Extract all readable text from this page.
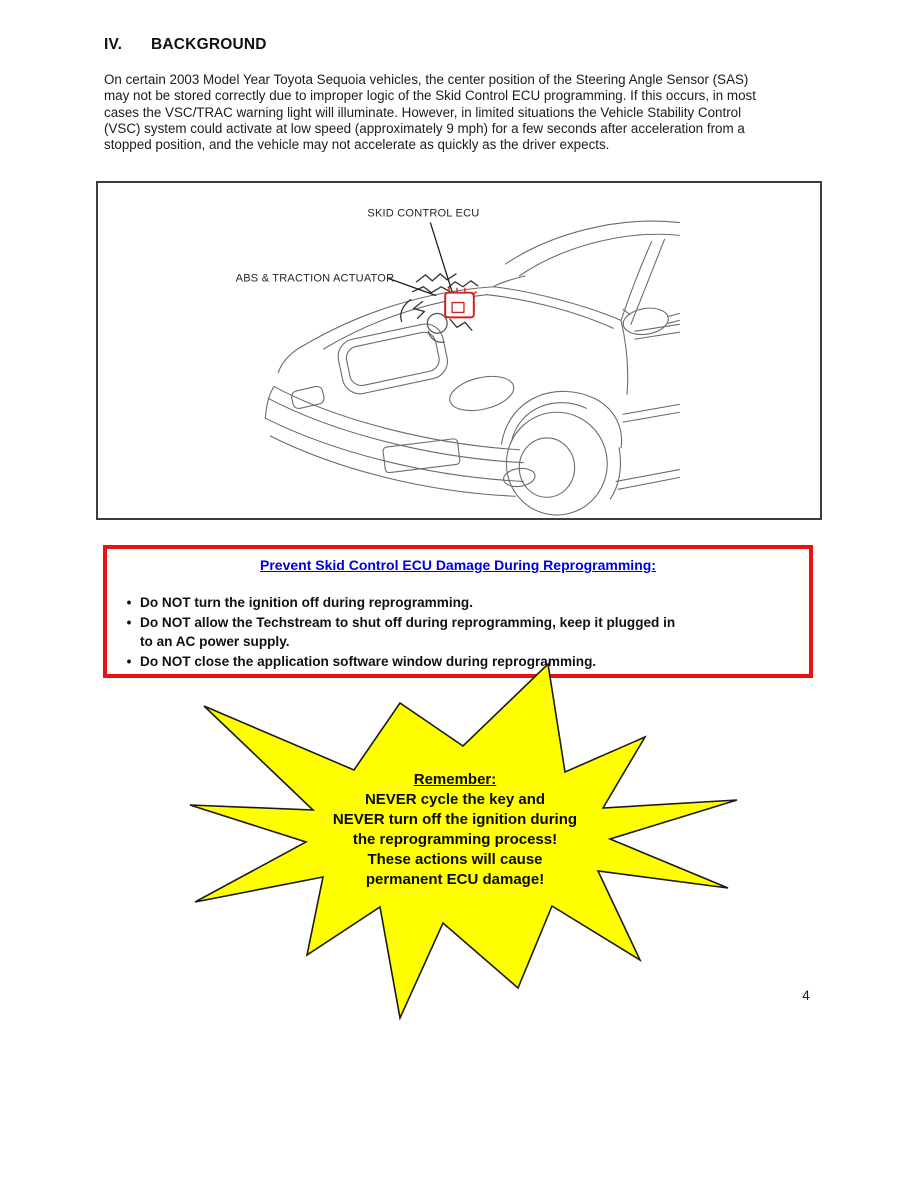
IV.	BACKGROUND
On certain 2003 Model Year Toyota Sequoia vehicles, the center position of the Steering Angle Sensor (SAS)
may not be stored correctly due to improper logic of the Skid Control ECU programming. If this occurs, in most
cases the VSC/TRAC warning light will illuminate. However, in limited situations the Vehicle Stability Control
(VSC) system could activate at low speed (approximately 9 mph) for a few seconds after acceleration from a
stopped position, and the vehicle may not accelerate as quickly as the driver expects.
SKID CONTROL ECU
ABS & TRACTION ACTUATOR
Prevent Skid Control ECU Damage During Reprogramming:
• Do NOT turn the ignition off during reprogramming.
• Do NOT allow the Techstream to shut off during reprogramming, keep it plugged in
to an AC power supply.
• Do NOT close the application software window during reprogramming.
Remember:
NEVER cycle the key and
NEVER turn off the ignition during
the reprogramming process!
These actions will cause
permanent ECU damage!
4
